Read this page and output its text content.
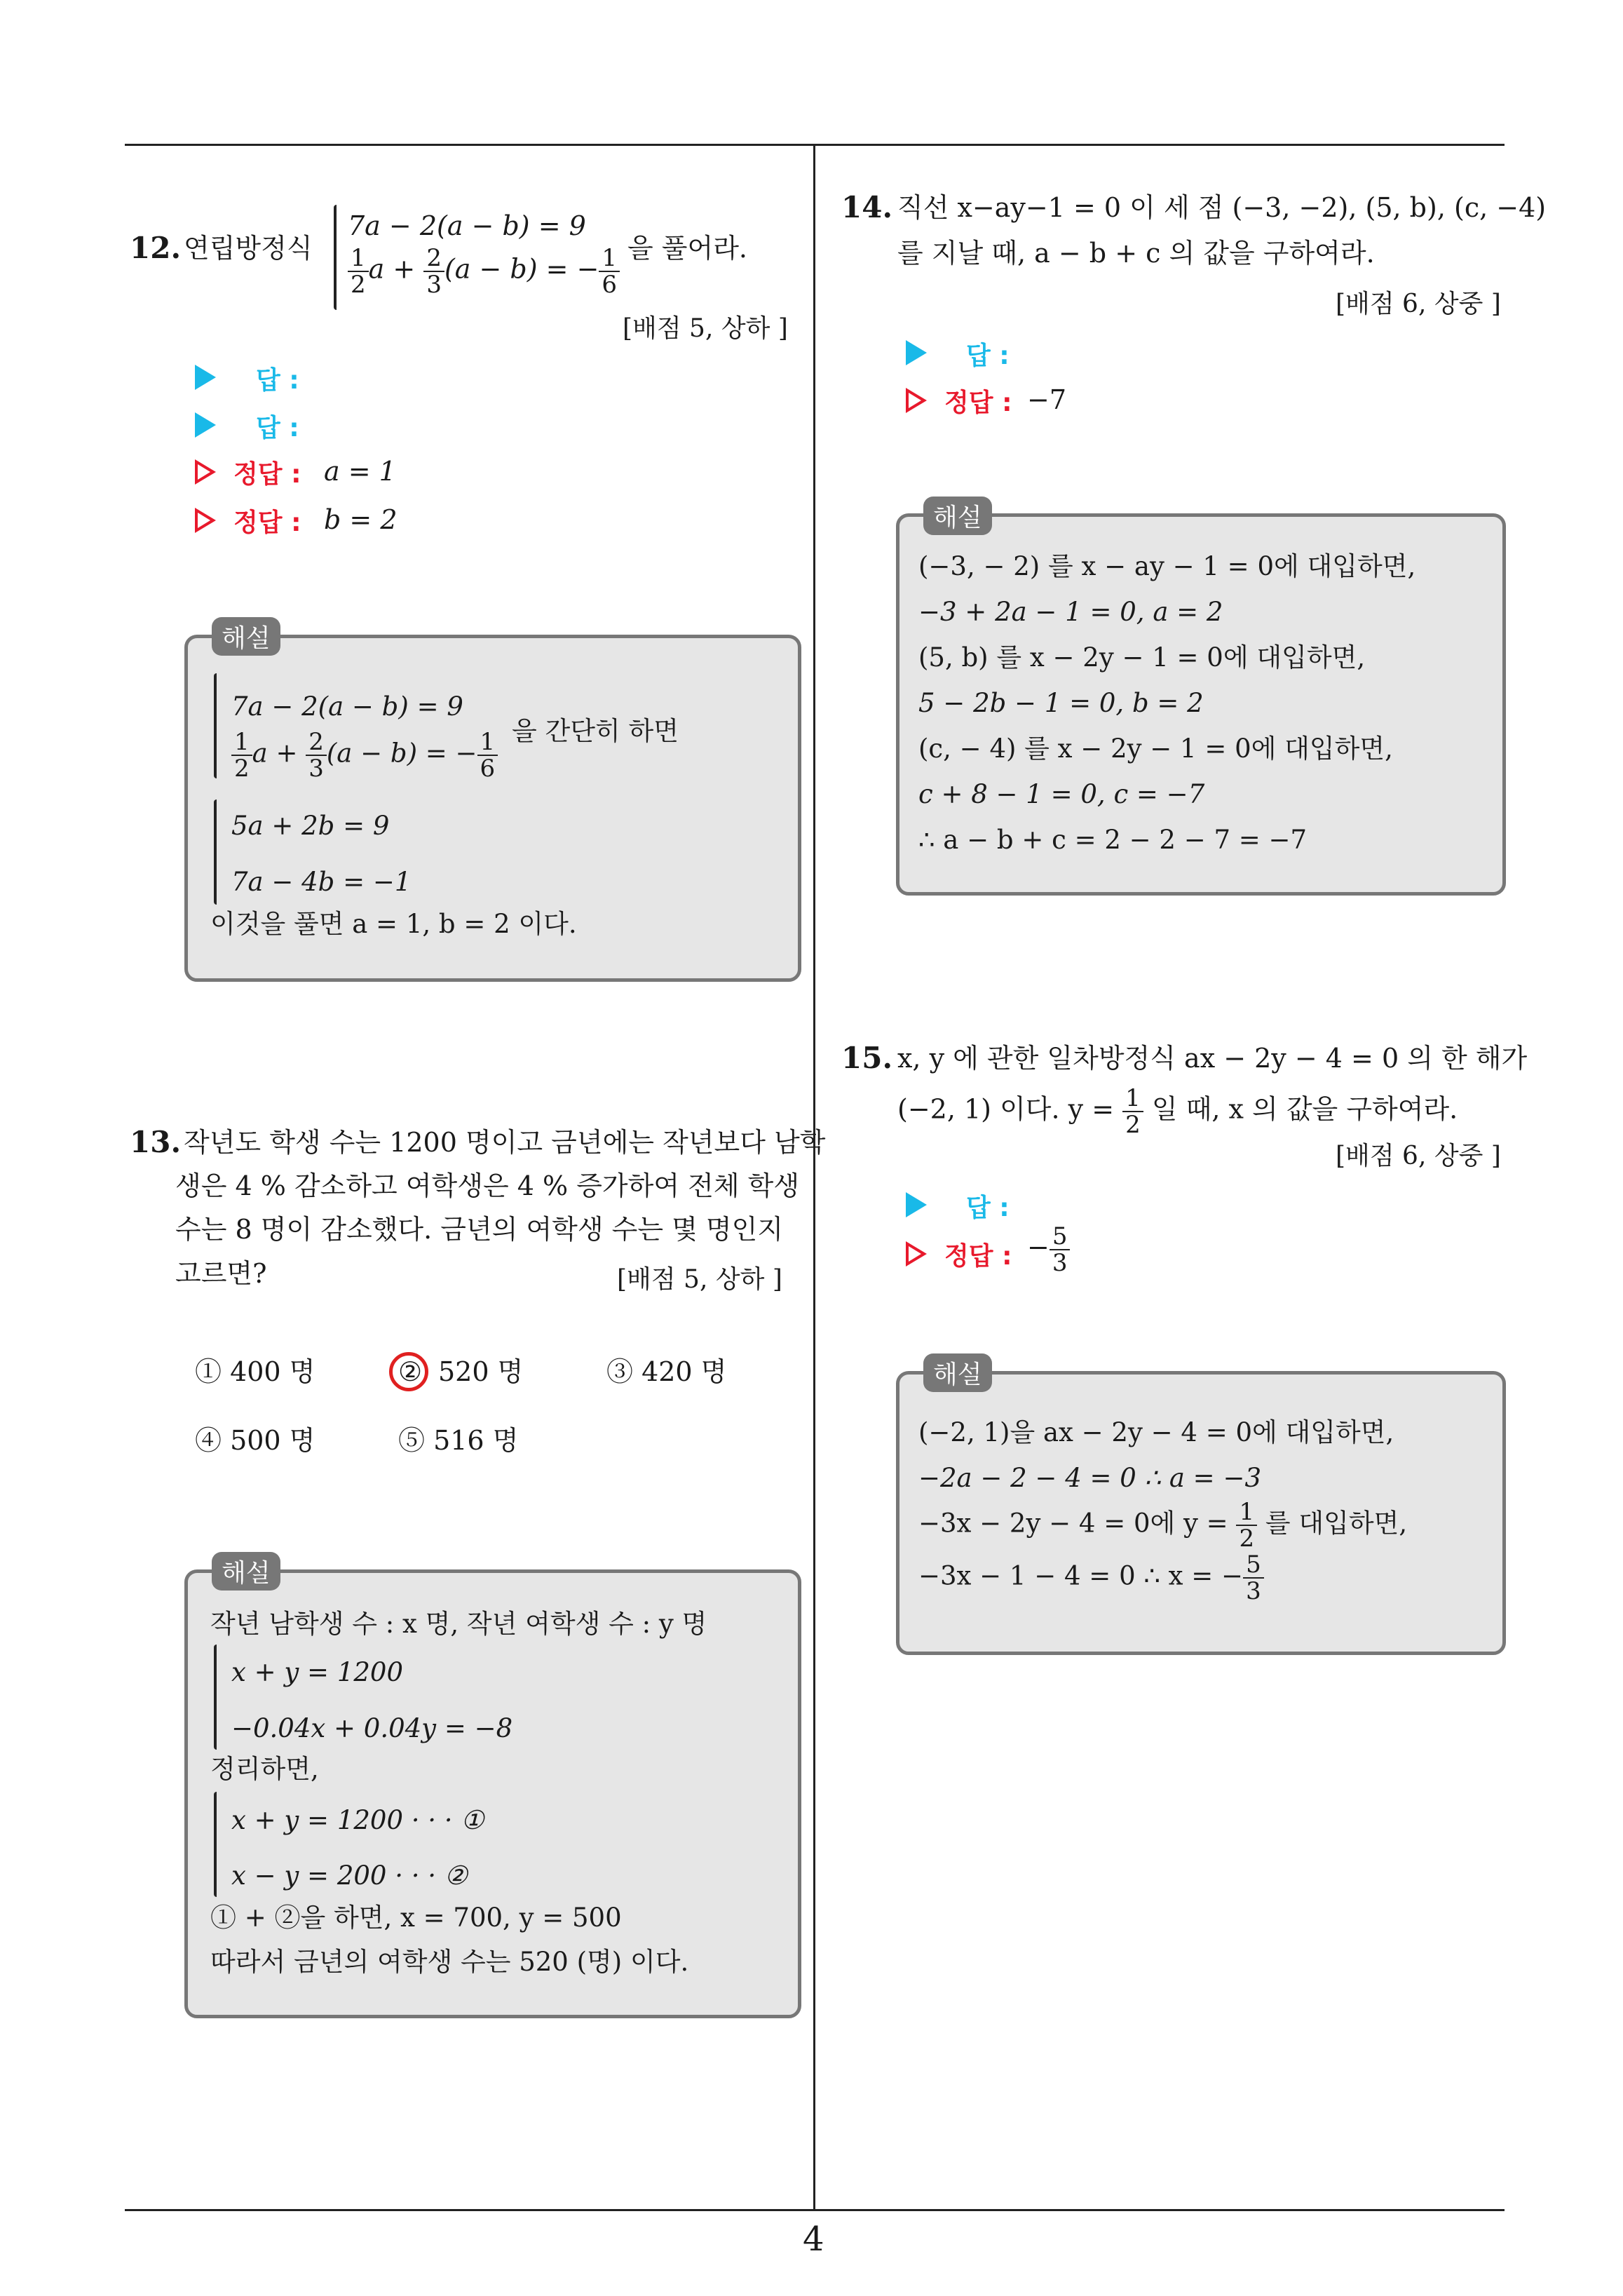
4
12. 연립방정식
7a − 2(a − b) = 9
$\frac{1}{2}$ $a + \frac{2}{3} (a - b)$ = − $\frac{1}{6}$ 을 풀어라.
[배점 5, 상하 ]
답 :
답 :
정답 : a = 1
정답 : b = 2
해설
7a − 2(a − b) = 9
$\frac{1}{2}$ $a + \frac{2}{3} (a - b)$ = − $\frac{1}{6}$ 을 간단히 하면
5a + 2b = 9
7a − 4b = −1
이것을 풀면 a = 1, b = 2 이다.
13. 작년도 학생 수는 1200 명이고 금년에는 작년보다 남학
생은 4 % 감소하고 여학생은 4 % 증가하여 전체 학생
수는 8 명이 감소했다. 금년의 여학생 수는 몇 명인지
고르면?	[배점 5, 상하 ]
① 400 명	② 520 명	③ 420 명
④ 500 명	⑤ 516 명
해설
작년 남학생 수 : x 명, 작년 여학생 수 : y 명
x + y = 1200
−0.04x + 0.04y = −8
정리하면,
x + y = 1200 · · · ①
x − y = 200 · · · ②
① + ②을 하면, x = 700, y = 500
따라서 금년의 여학생 수는 520 (명) 이다.
14. 직선 x−ay−1 = 0 이 세 점 (−3, −2), (5, b), (c, −4)
를 지날 때, a − b + c 의 값을 구하여라.
[배점 6, 상중 ]
답 :
정답 : −7
해설
(−3, − 2) 를 x − ay − 1 = 0에 대입하면,
−3 + 2a − 1 = 0, a = 2
(5, b) 를 x − 2y − 1 = 0에 대입하면,
5 − 2b − 1 = 0, b = 2
(c, − 4) 를 x − 2y − 1 = 0에 대입하면,
c + 8 − 1 = 0, c = −7
∴ a − b + c = 2 − 2 − 7 = −7
15. x, y 에 관한 일차방정식 ax − 2y − 4 = 0 의 한 해가
(−2, 1) 이다. $y = \frac{1}{2}$ 일 때, x 의 값을 구하여라.
[배점 6, 상중 ]
답 :
정답 : − $\frac{5}{3}$
해설
(−2, 1)을 ax − 2y − 4 = 0에 대입하면,
−2a − 2 − 4 = 0 ∴ a = −3
−3x − 2y − 4 = 0에 $y = \frac{1}{2}$ 를 대입하면,
−3x − 1 − 4 = 0 ∴ x = − $\frac{5}{3}$
